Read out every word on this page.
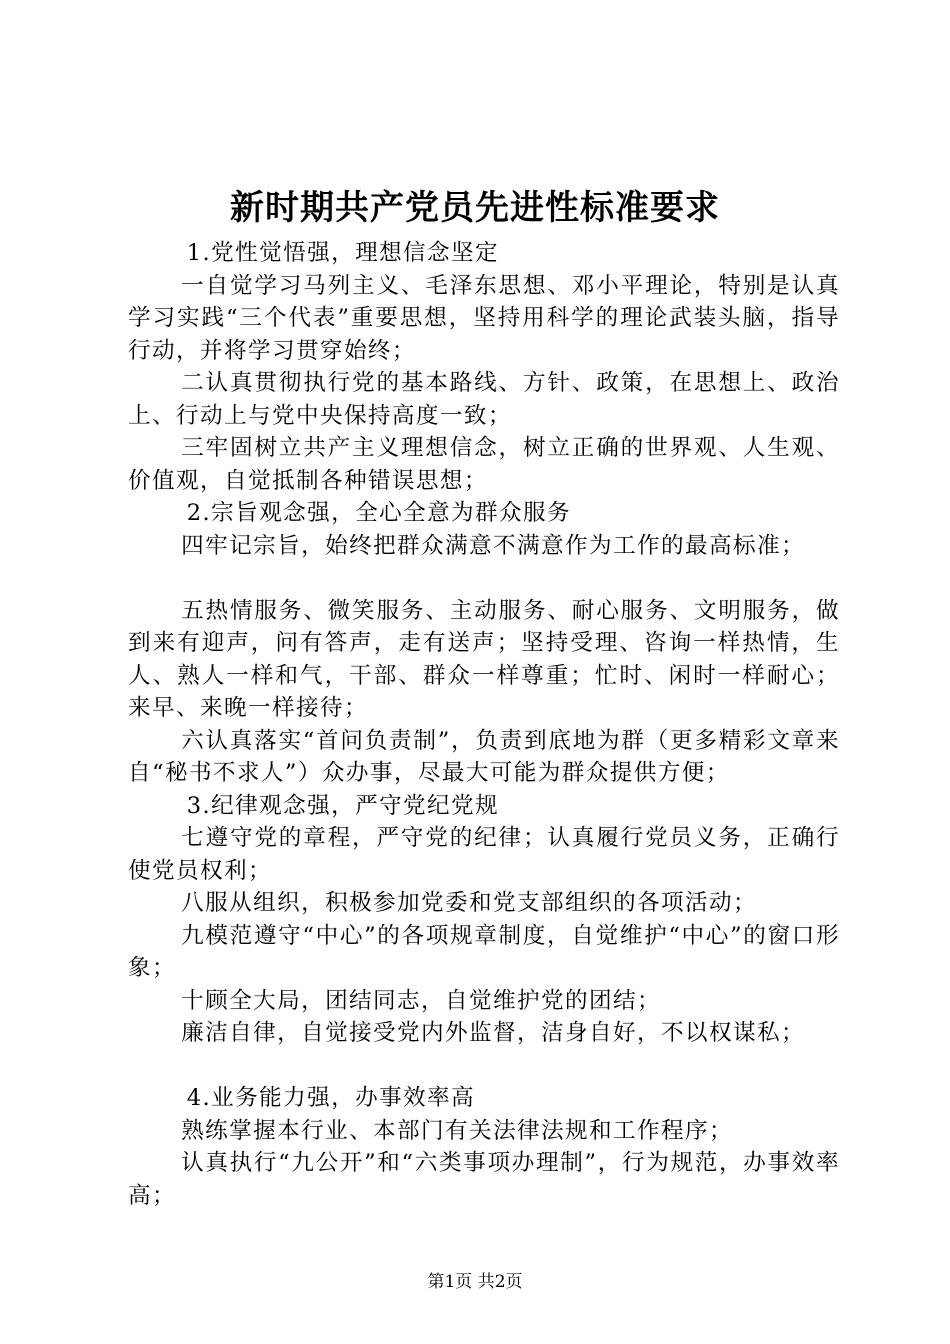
新时期共产党员先进性标准要求

1.党性觉悟强，理想信念坚定

一自觉学习马列主义、毛泽东思想、邓小平理论，特别是认真学习实践“三个代表”重要思想，坚持用科学的理论武装头脑，指导行动，并将学习贯穿始终；

二认真贯彻执行党的基本路线、方针、政策，在思想上、政治上、行动上与党中央保持高度一致；

三牢固树立共产主义理想信念，树立正确的世界观、人生观、价值观，自觉抵制各种错误思想；

2.宗旨观念强，全心全意为群众服务

四牢记宗旨，始终把群众满意不满意作为工作的最高标准；

五热情服务、微笑服务、主动服务、耐心服务、文明服务，做到来有迎声，问有答声，走有送声；坚持受理、咨询一样热情，生人、熟人一样和气，干部、群众一样尊重；忙时、闲时一样耐心；来早、来晚一样接待；

六认真落实“首问负责制”，负责到底地为群（更多精彩文章来自“秘书不求人”）众办事，尽最大可能为群众提供方便；

3.纪律观念强，严守党纪党规

七遵守党的章程，严守党的纪律；认真履行党员义务，正确行使党员权利；

八服从组织，积极参加党委和党支部组织的各项活动；

九模范遵守“中心”的各项规章制度，自觉维护“中心”的窗口形象；

十顾全大局，团结同志，自觉维护党的团结；

廉洁自律，自觉接受党内外监督，洁身自好，不以权谋私；

4.业务能力强，办事效率高

熟练掌握本行业、本部门有关法律法规和工作程序；

认真执行“九公开”和“六类事项办理制”，行为规范，办事效率高；

第1页 共2页
